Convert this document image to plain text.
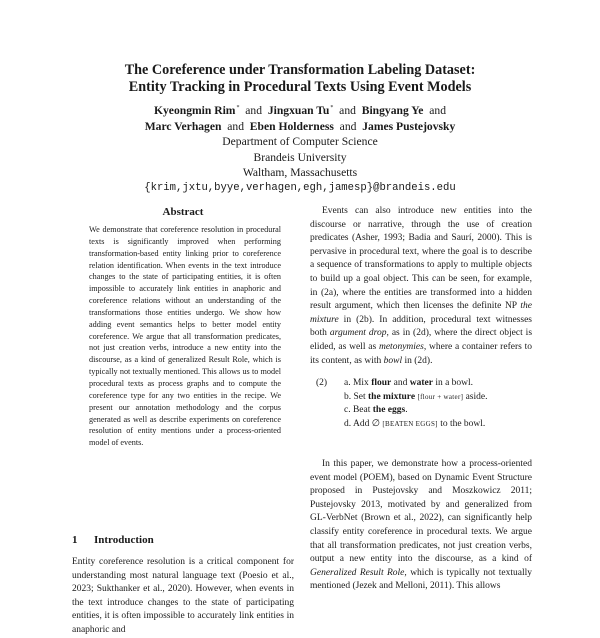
The Coreference under Transformation Labeling Dataset:
Entity Tracking in Procedural Texts Using Event Models
Kyeongmin Rim* and Jingxuan Tu* and Bingyang Ye and
Marc Verhagen and Eben Holderness and James Pustejovsky
Department of Computer Science
Brandeis University
Waltham, Massachusetts
{krim,jxtu,byye,verhagen,egh,jamesp}@brandeis.edu
Abstract
We demonstrate that coreference resolution in procedural texts is significantly improved when performing transformation-based entity linking prior to coreference relation identification. When events in the text introduce changes to the state of participating entities, it is often impossible to accurately link entities in anaphoric and coreference relations without an understanding of the transformations those entities undergo. We show how adding event semantics helps to better model entity coreference. We argue that all transformation predicates, not just creation verbs, introduce a new entity into the discourse, as a kind of generalized Result Role, which is typically not textually mentioned. This allows us to model procedural texts as process graphs and to compute the coreference type for any two entities in the recipe. We present our annotation methodology and the corpus generated as well as describe experiments on coreference resolution of entity mentions under a process-oriented model of events.
1 Introduction
Entity coreference resolution is a critical component for understanding most natural language text (Poesio et al., 2023; Sukthanker et al., 2020). However, when events in the text introduce changes to the state of participating entities, it is often impossible to accurately link entities in anaphoric and
Events can also introduce new entities into the discourse or narrative, through the use of creation predicates (Asher, 1993; Badia and Saurí, 2000). This is pervasive in procedural text, where the goal is to describe a sequence of transformations to apply to multiple objects to build up a goal object. This can be seen, for example, in (2a), where the entities are transformed into a hidden result argument, which then licenses the definite NP the mixture in (2b). In addition, procedural text witnesses both argument drop, as in (2d), where the direct object is elided, as well as metonymies, where a container refers to its content, as with bowl in (2d).
(2) a. Mix flour and water in a bowl.
b. Set the mixture [flour + water] aside.
c. Beat the eggs.
d. Add ∅ [BEATEN EGGS] to the bowl.
In this paper, we demonstrate how a process-oriented event model (POEM), based on Dynamic Event Structure proposed in Pustejovsky and Moszkowicz 2011; Pustejovsky 2013, motivated by and generalized from GL-VerbNet (Brown et al., 2022), can significantly help classify entity coreference in procedural texts. We argue that all transformation predicates, not just creation verbs, output a new entity into the discourse, as a kind of Generalized Result Role, which is typically not textually mentioned (Jezek and Melloni, 2011). This allows
